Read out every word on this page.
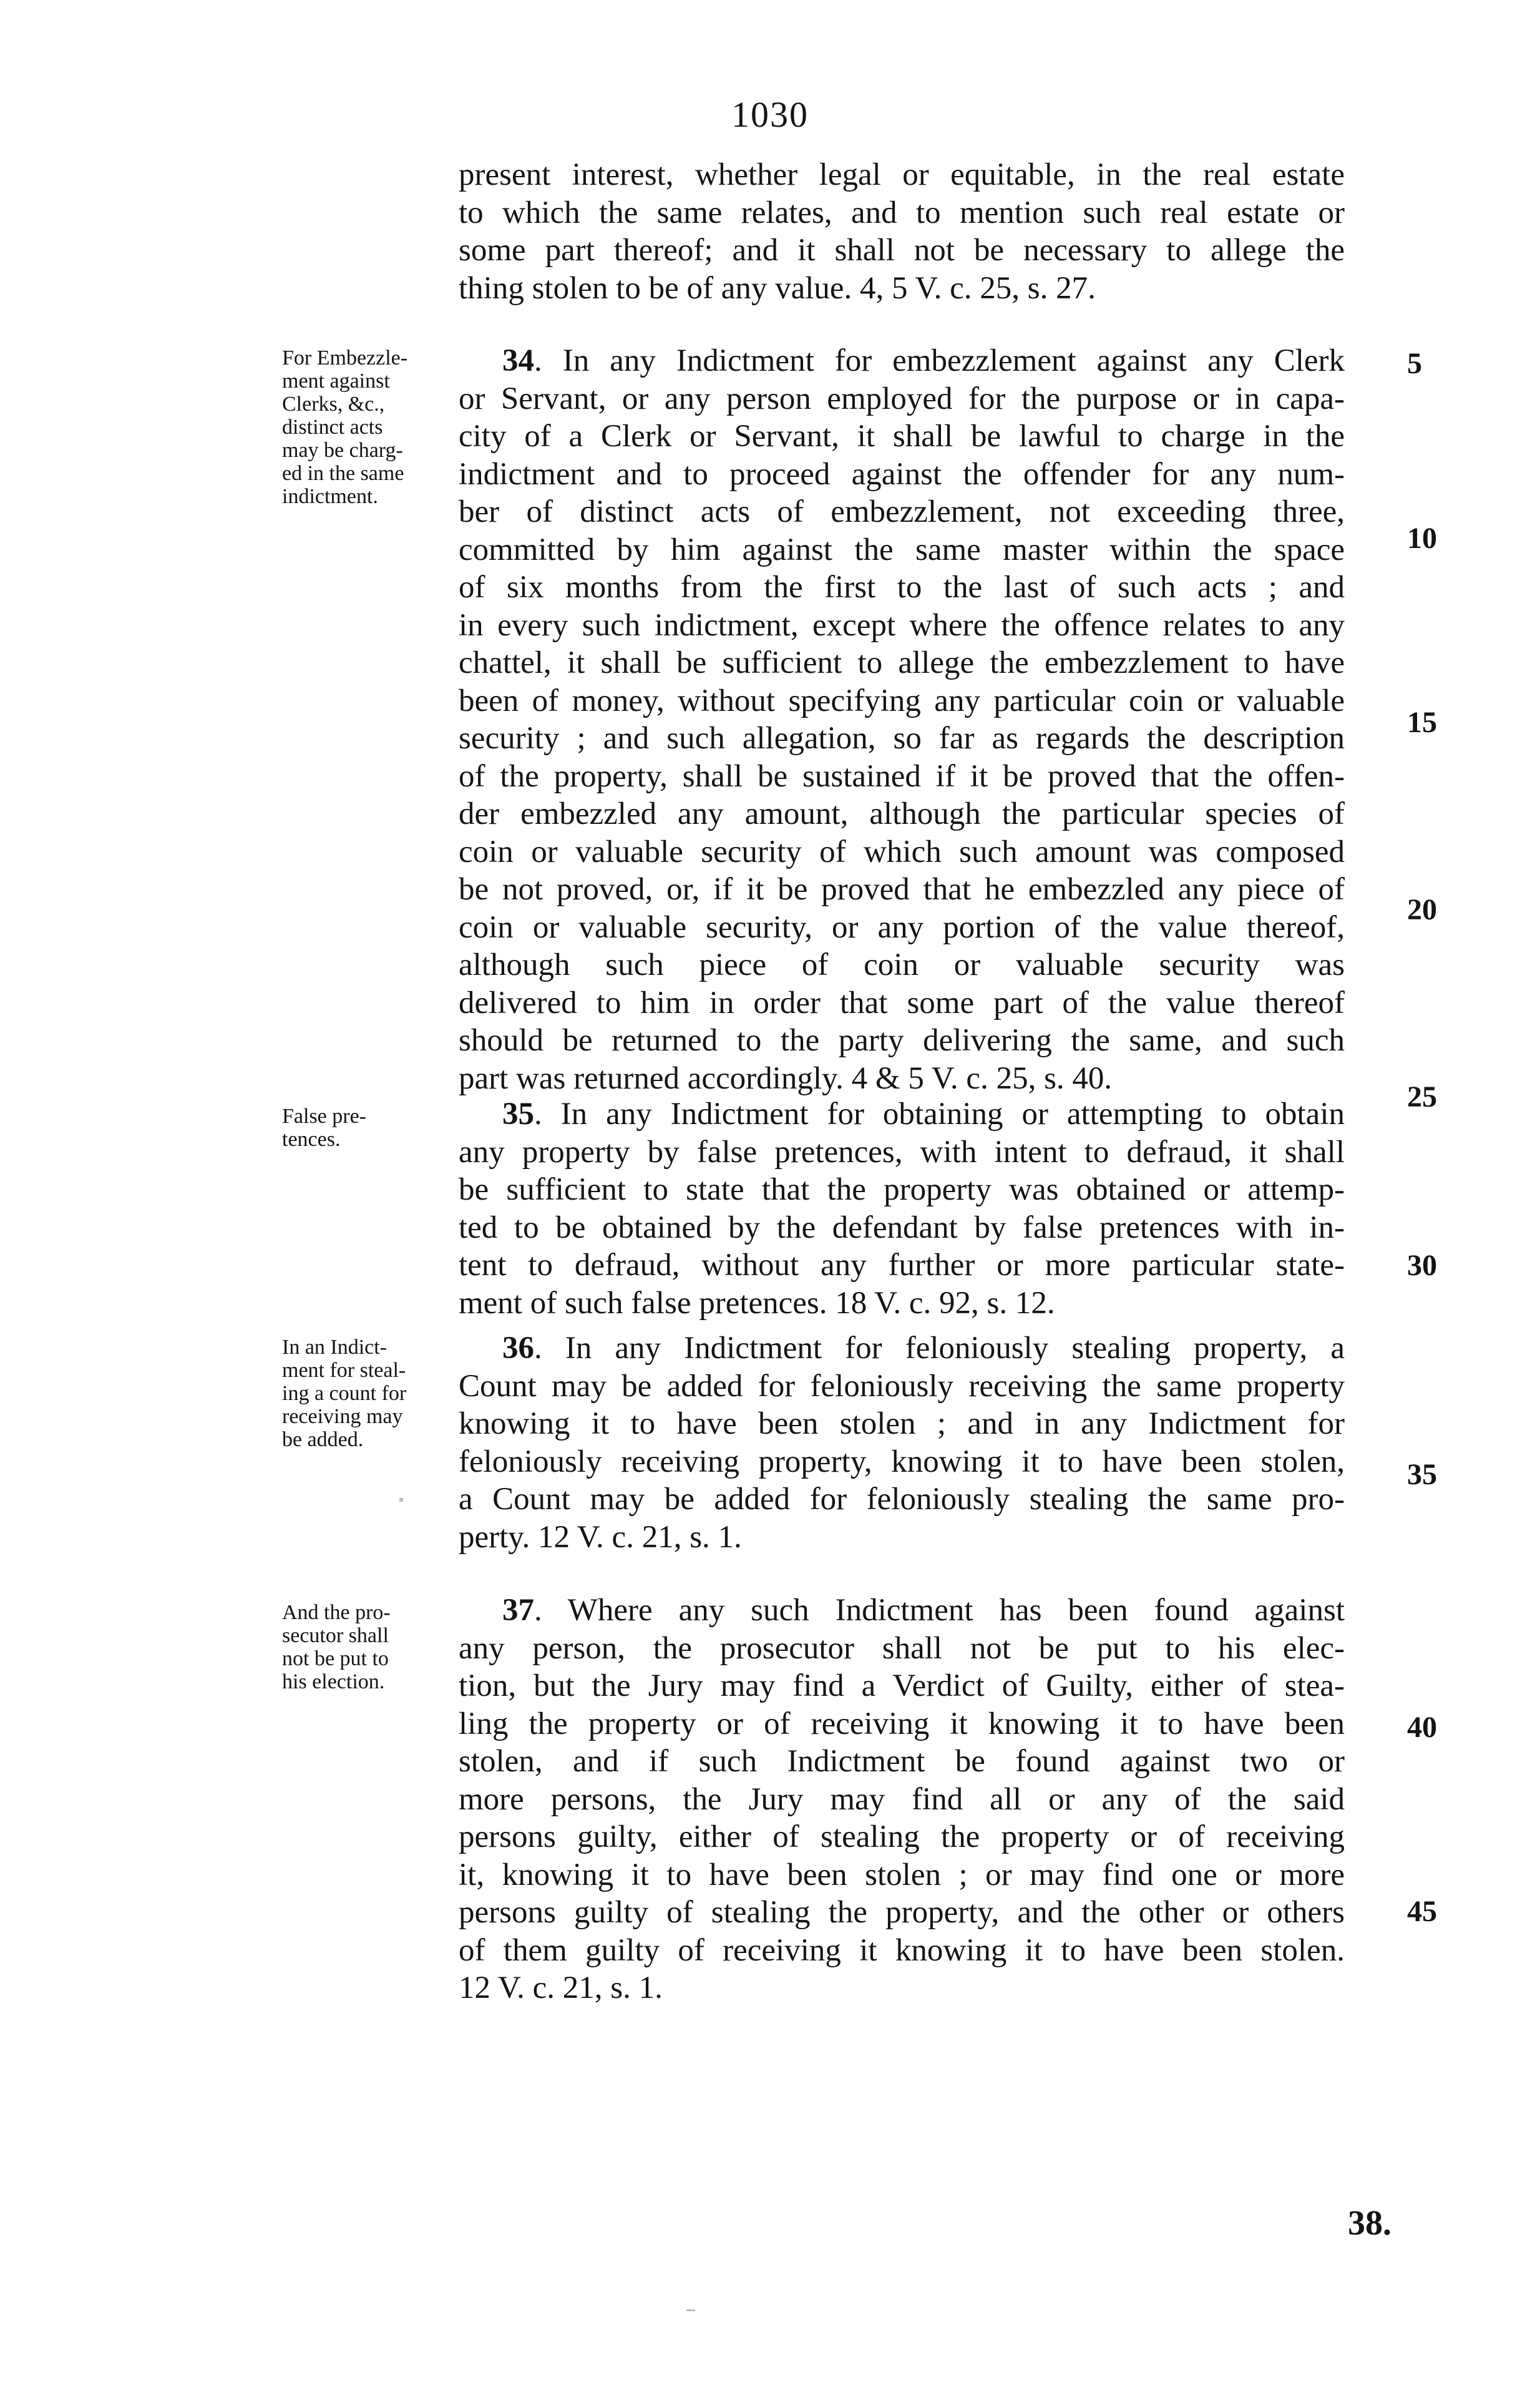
1030
present interest, whether legal or equitable, in the real estate
to which the same relates, and to mention such real estate or
some part thereof; and it shall not be necessary to allege the
thing stolen to be of any value. 4, 5 V. c. 25, s. 27.
For Embezzle-
ment against
Clerks, &c.,
distinct acts
may be charg-
ed in the same
indictment.
34. In any Indictment for embezzlement against any Clerk
or Servant, or any person employed for the purpose or in capa-
city of a Clerk or Servant, it shall be lawful to charge in the
indictment and to proceed against the offender for any num-
ber of distinct acts of embezzlement, not exceeding three,
committed by him against the same master within the space
of six months from the first to the last of such acts ; and
in every such indictment, except where the offence relates to any
chattel, it shall be sufficient to allege the embezzlement to have
been of money, without specifying any particular coin or valuable
security ; and such allegation, so far as regards the description
of the property, shall be sustained if it be proved that the offen-
der embezzled any amount, although the particular species of
coin or valuable security of which such amount was composed
be not proved, or, if it be proved that he embezzled any piece of
coin or valuable security, or any portion of the value thereof,
although such piece of coin or valuable security was
delivered to him in order that some part of the value thereof
should be returned to the party delivering the same, and such
part was returned accordingly. 4 & 5 V. c. 25, s. 40.
False pre-
tences.
35. In any Indictment for obtaining or attempting to obtain
any property by false pretences, with intent to defraud, it shall
be sufficient to state that the property was obtained or attemp-
ted to be obtained by the defendant by false pretences with in-
tent to defraud, without any further or more particular state-
ment of such false pretences. 18 V. c. 92, s. 12.
In an Indict-
ment for steal-
ing a count for
receiving may
be added.
36. In any Indictment for feloniously stealing property, a
Count may be added for feloniously receiving the same property
knowing it to have been stolen ; and in any Indictment for
feloniously receiving property, knowing it to have been stolen,
a Count may be added for feloniously stealing the same pro-
perty. 12 V. c. 21, s. 1.
And the pro-
secutor shall
not be put to
his election.
37. Where any such Indictment has been found against
any person, the prosecutor shall not be put to his elec-
tion, but the Jury may find a Verdict of Guilty, either of stea-
ling the property or of receiving it knowing it to have been
stolen, and if such Indictment be found against two or
more persons, the Jury may find all or any of the said
persons guilty, either of stealing the property or of receiving
it, knowing it to have been stolen ; or may find one or more
persons guilty of stealing the property, and the other or others
of them guilty of receiving it knowing it to have been stolen.
12 V. c. 21, s. 1.
5
10
15
20
25
30
35
40
45
38.
